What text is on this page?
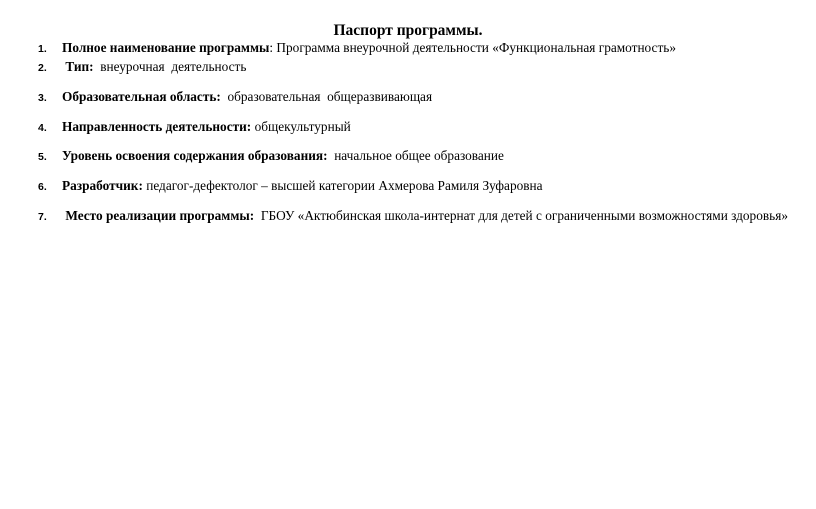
Паспорт программы.
1. Полное наименование программы: Программа внеурочной деятельности «Функциональная грамотность»
2. Тип: внеурочная  деятельность
3. Образовательная область: образовательная  общеразвивающая
4. Направленность деятельности: общекультурный
5. Уровень освоения содержания образования: начальное общее образование
6. Разработчик: педагог-дефектолог – высшей категории Ахмерова Рамиля Зуфаровна
7. Место реализации программы: ГБОУ «Актюбинская школа-интернат для детей с ограниченными возможностями здоровья»
